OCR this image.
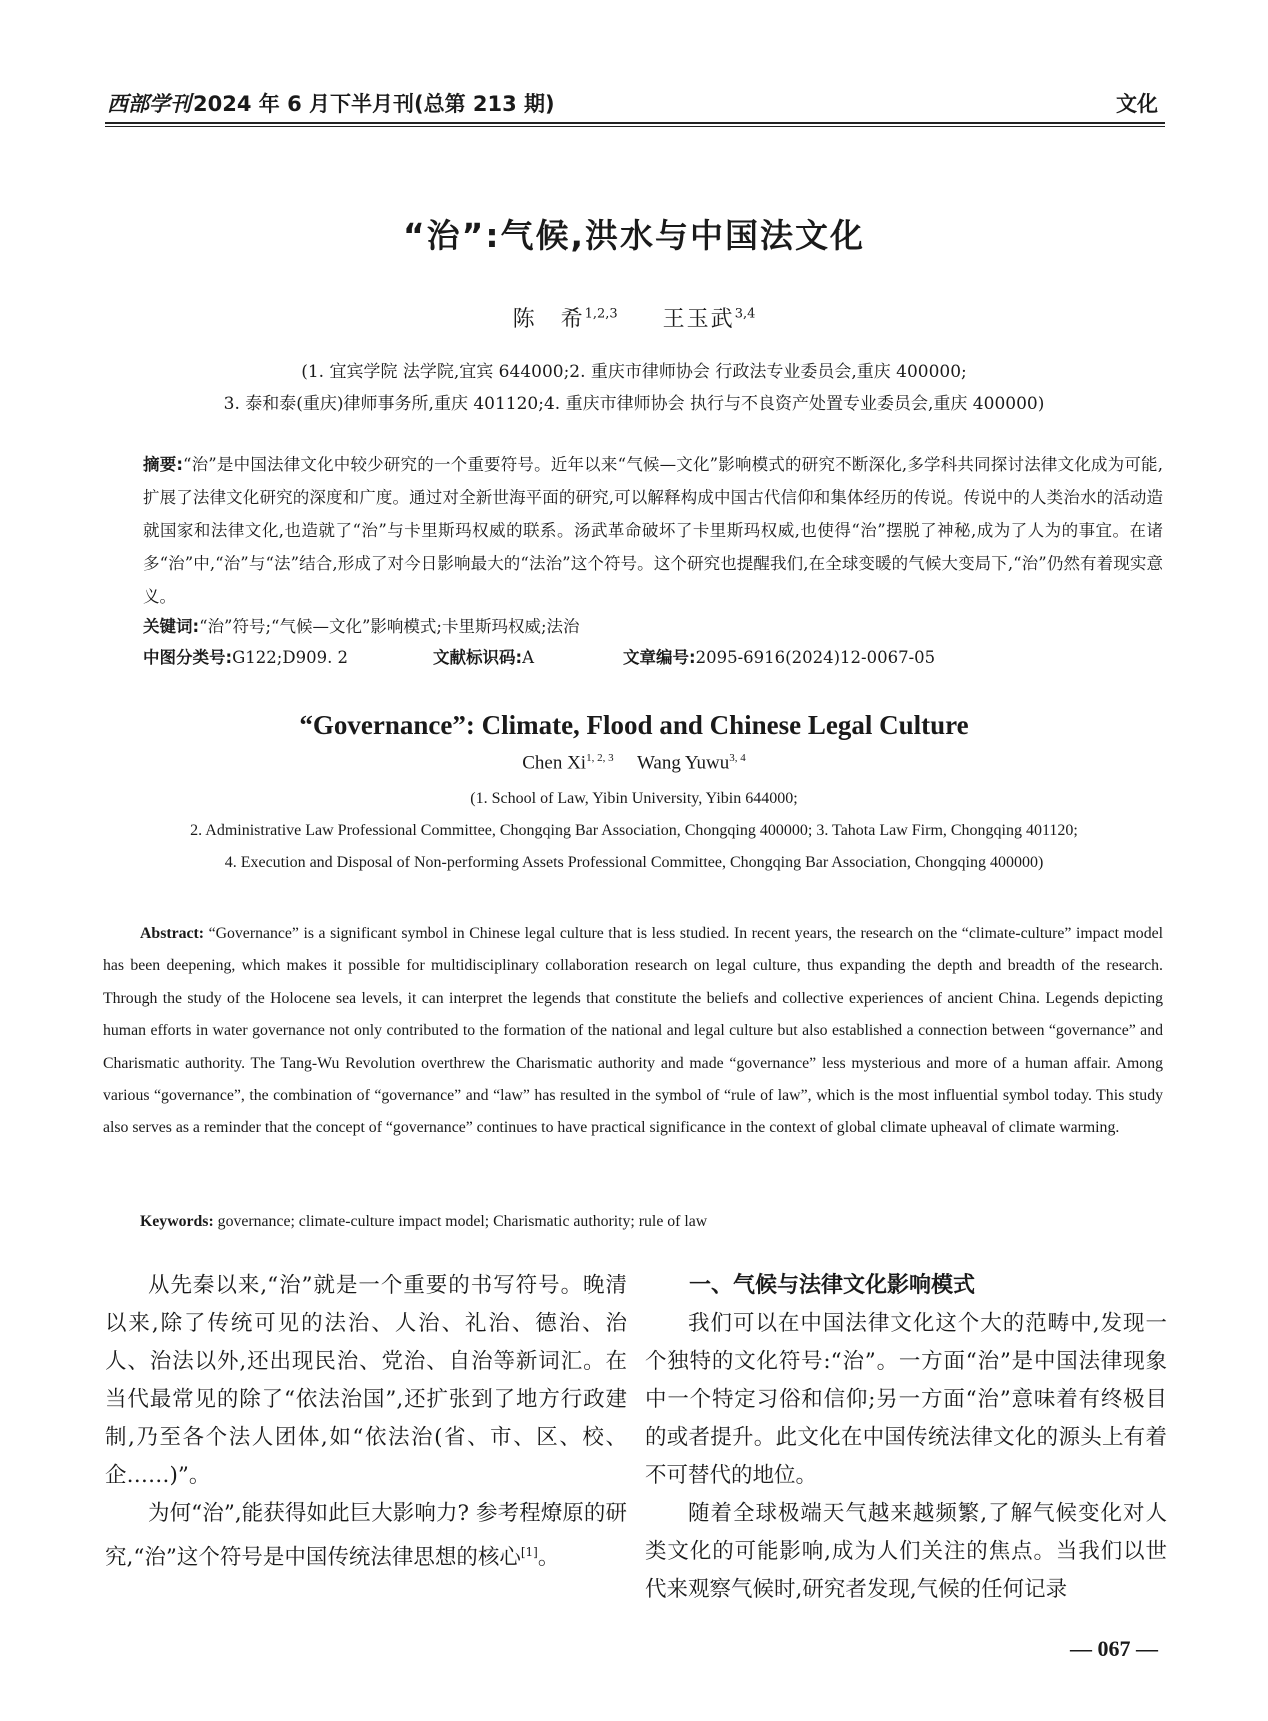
西部学刊2024 年 6 月下半月刊(总第 213 期)	文化
“治”:气候,洪水与中国法文化
陈　希$^{1,2,3}$ 王玉武$^{3,4}$
(1. 宜宾学院 法学院,宜宾 644000;2. 重庆市律师协会 行政法专业委员会,重庆 400000;
3. 泰和泰(重庆)律师事务所,重庆 401120;4. 重庆市律师协会 执行与不良资产处置专业委员会,重庆 400000)
摘要:“治”是中国法律文化中较少研究的一个重要符号。近年以来“气候—文化”影响模式的研究不断深化,多学科共同探讨法律文化成为可能,扩展了法律文化研究的深度和广度。通过对全新世海平面的研究,可以解释构成中国古代信仰和集体经历的传说。传说中的人类治水的活动造就国家和法律文化,也造就了“治”与卡里斯玛权威的联系。汤武革命破坏了卡里斯玛权威,也使得“治”摆脱了神秘,成为了人为的事宜。在诸多“治”中,“治”与“法”结合,形成了对今日影响最大的“法治”这个符号。这个研究也提醒我们,在全球变暖的气候大变局下,“治”仍然有着现实意义。
关键词:“治”符号;“气候—文化”影响模式;卡里斯玛权威;法治
中图分类号:G122;D909. 2	文献标识码:A	文章编号:2095-6916(2024)12-0067-05
“Governance”: Climate, Flood and Chinese Legal Culture
Chen Xi$^{1, 2, 3}$ Wang Yuwu$^{3, 4}$
(1. School of Law, Yibin University, Yibin 644000;
2. Administrative Law Professional Committee, Chongqing Bar Association, Chongqing 400000; 3. Tahota Law Firm, Chongqing 401120;
4. Execution and Disposal of Non-performing Assets Professional Committee, Chongqing Bar Association, Chongqing 400000)
Abstract: “Governance” is a significant symbol in Chinese legal culture that is less studied. In recent years, the research on the “climate-culture” impact model has been deepening, which makes it possible for multidisciplinary collaboration research on legal culture, thus expanding the depth and breadth of the research. Through the study of the Holocene sea levels, it can interpret the legends that constitute the beliefs and collective experiences of ancient China. Legends depicting human efforts in water governance not only contributed to the formation of the national and legal culture but also established a connection between “governance” and Charismatic authority. The Tang-Wu Revolution overthrew the Charismatic authority and made “governance” less mysterious and more of a human affair. Among various “governance”, the combination of “governance” and “law” has resulted in the symbol of “rule of law”, which is the most influential symbol today. This study also serves as a reminder that the concept of “governance” continues to have practical significance in the context of global climate upheaval of climate warming.
Keywords: governance; climate-culture impact model; Charismatic authority; rule of law

从先秦以来,“治”就是一个重要的书写符号。晚清以来,除了传统可见的法治、人治、礼治、德治、治人、治法以外,还出现民治、党治、自治等新词汇。在当代最常见的除了“依法治国”,还扩张到了地方行政建制,乃至各个法人团体,如“依法治(省、市、区、校、企……)”。

为何“治”,能获得如此巨大影响力? 参考程燎原的研究,“治”这个符号是中国传统法律思想的核心[1]。

一、气候与法律文化影响模式

我们可以在中国法律文化这个大的范畴中,发现一个独特的文化符号:“治”。一方面“治”是中国法律现象中一个特定习俗和信仰;另一方面“治”意味着有终极目的或者提升。此文化在中国传统法律文化的源头上有着不可替代的地位。

随着全球极端天气越来越频繁,了解气候变化对人类文化的可能影响,成为人们关注的焦点。当我们以世代来观察气候时,研究者发现,气候的任何记录

— 067 —
